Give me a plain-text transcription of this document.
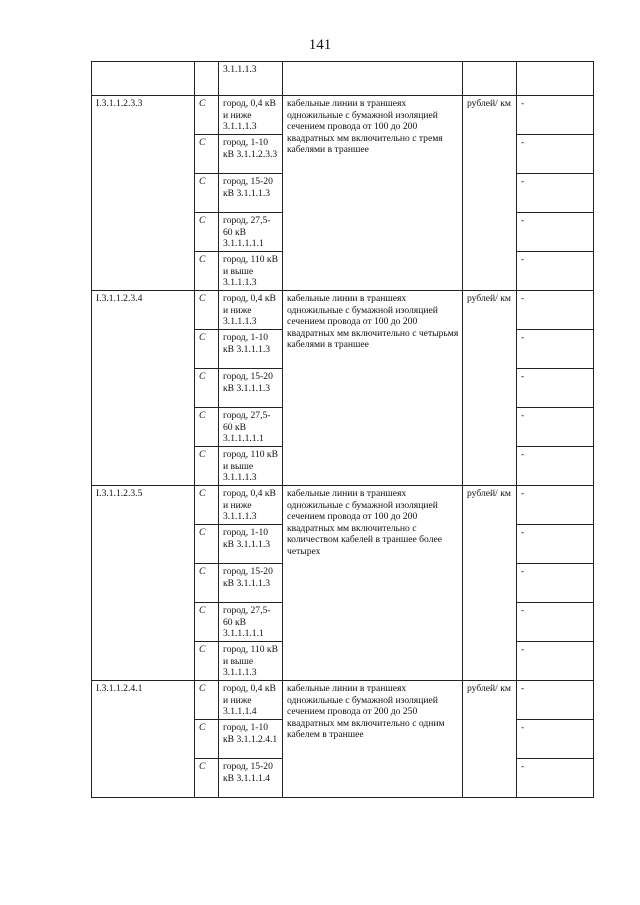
141
		3.1.1.1.3			
I.3.1.1.2.3.3	C	город, 0,4 кВ и ниже 3.1.1.1.3	кабельные линии в траншеях одножильные с бумажной изоляцией сечением провода от 100 до 200 квадратных мм включительно с тремя кабелями в траншее	рублей/ км	-
	C	город, 1-10 кВ 3.1.1.2.3.3			-
	C	город, 15-20 кВ 3.1.1.1.3			-
	C	город, 27,5-60 кВ 3.1.1.1.1.1			-
	C	город, 110 кВ и выше 3.1.1.1.3			-
I.3.1.1.2.3.4	C	город, 0,4 кВ и ниже 3.1.1.1.3	кабельные линии в траншеях одножильные с бумажной изоляцией сечением провода от 100 до 200 квадратных мм включительно с четырьмя кабелями в траншее	рублей/ км	-
	C	город, 1-10 кВ 3.1.1.1.3			-
	C	город, 15-20 кВ 3.1.1.1.3			-
	C	город, 27,5-60 кВ 3.1.1.1.1.1			-
	C	город, 110 кВ и выше 3.1.1.1.3			-
I.3.1.1.2.3.5	C	город, 0,4 кВ и ниже 3.1.1.1.3	кабельные линии в траншеях одножильные с бумажной изоляцией сечением провода от 100 до 200 квадратных мм включительно с количеством кабелей в траншее более четырех	рублей/ км	-
	C	город, 1-10 кВ 3.1.1.1.3			-
	C	город, 15-20 кВ 3.1.1.1.3			-
	C	город, 27,5-60 кВ 3.1.1.1.1.1			-
	C	город, 110 кВ и выше 3.1.1.1.3			-
I.3.1.1.2.4.1	C	город, 0,4 кВ и ниже 3.1.1.1.4	кабельные линии в траншеях одножильные с бумажной изоляцией сечением провода от 200 до 250 квадратных мм включительно с одним кабелем в траншее	рублей/ км	-
	C	город, 1-10 кВ 3.1.1.2.4.1			-
	C	город, 15-20 кВ 3.1.1.1.4			-
